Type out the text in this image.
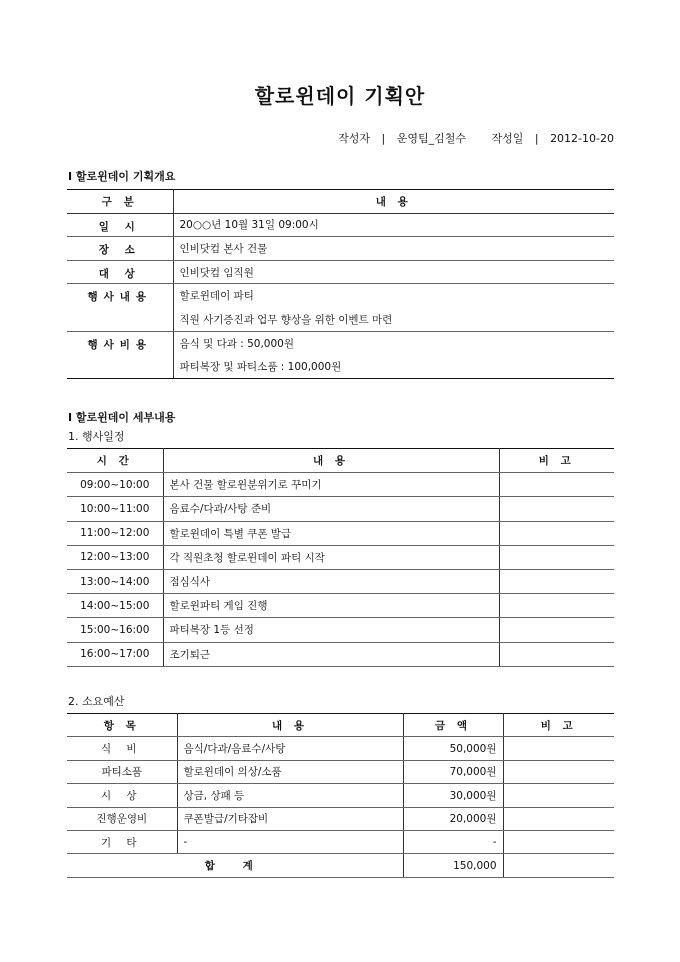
할로윈데이 기획안
작성자 | 운영팀_김철수 작성일 | 2012-10-20
Ⅰ 할로윈데이 기획개요
구 분	내 용
일 시	20○○년 10월 31일 09:00시
장 소	인비닷컴 본사 건물
대 상	인비닷컴 임직원
행사내용	할로윈데이 파티
	직원 사기증진과 업무 향상을 위한 이벤트 마련
행사비용	음식 및 다과 : 50,000원
	파티복장 및 파티소품 : 100,000원
Ⅰ 할로윈데이 세부내용
1. 행사일정
시 간	내 용	비 고
09:00~10:00	본사 건물 할로윈분위기로 꾸미기	
10:00~11:00	음료수/다과/사탕 준비	
11:00~12:00	할로윈데이 특별 쿠폰 발급	
12:00~13:00	각 직원초청 할로윈데이 파티 시작	
13:00~14:00	점심식사	
14:00~15:00	할로윈파티 게임 진행	
15:00~16:00	파티복장 1등 선정	
16:00~17:00	조기퇴근	
2. 소요예산
항 목	내 용	금 액	비 고
식 비	음식/다과/음료수/사탕	50,000원	
파티소품	할로윈데이 의상/소품	70,000원	
시 상	상금, 상패 등	30,000원	
진행운영비	쿠폰발급/기타잡비	20,000원	
기 타	-	-	
합 계		150,000	
